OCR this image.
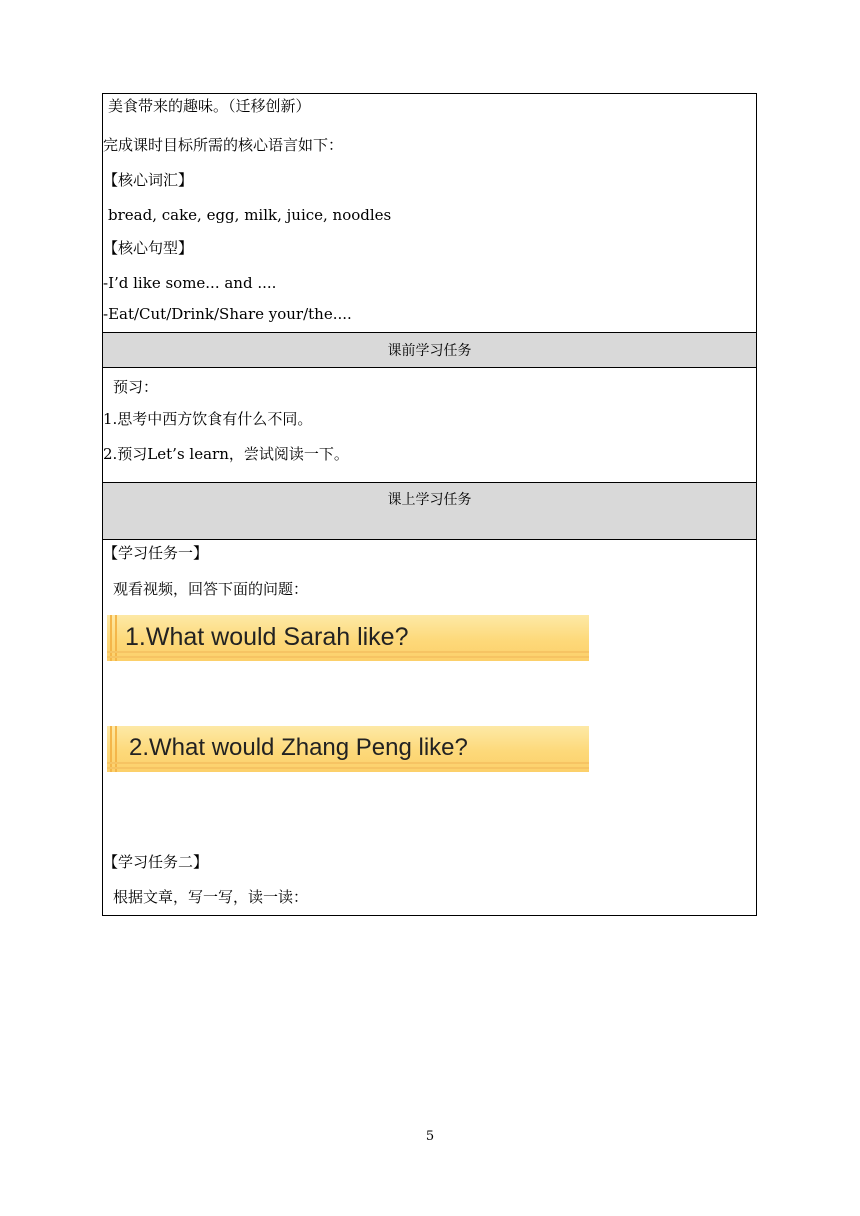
美食带来的趣味。（迁移创新）
完成课时目标所需的核心语言如下：
【核心词汇】
bread, cake, egg, milk, juice, noodles
【核心句型】
-I’d like some... and ....
-Eat/Cut/Drink/Share your/the....
课前学习任务
预习：
1.思考中西方饮食有什么不同。
2.预习Let’s learn，尝试阅读一下。
课上学习任务
【学习任务一】
观看视频，回答下面的问题：
1.What would Sarah like?
2.What would Zhang Peng like?
【学习任务二】
根据文章，写一写，读一读：
5
